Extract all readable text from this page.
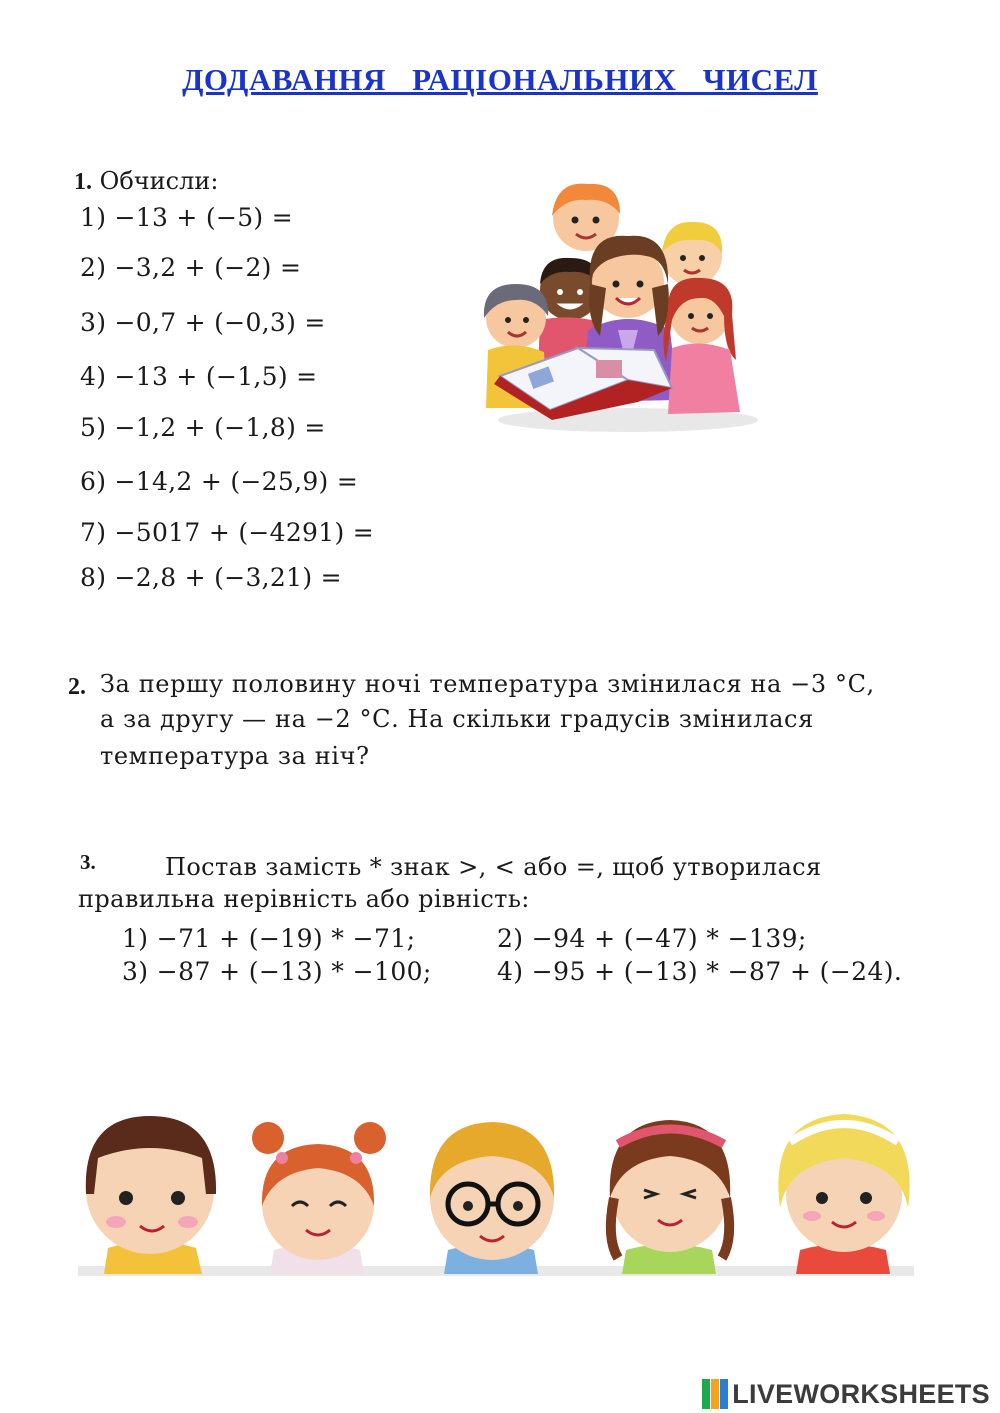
ДОДАВАННЯ РАЦІОНАЛЬНИХ ЧИСЕЛ
1. Обчисли:
1) −13 + (−5) =
2) −3,2 + (−2) =
3) −0,7 + (−0,3) =
4) −13 + (−1,5) =
5) −1,2 + (−1,8) =
6) −14,2 + (−25,9) =
7) −5017 + (−4291) =
8) −2,8 + (−3,21) =
2. За першу половину ночі температура змінилася на −3 °С,
а за другу — на −2 °С. На скільки градусів змінилася
температура за ніч?
3.	Постав замість * знак >, < або =, щоб утворилася
правильна нерівність або рівність:
1) −71 + (−19) * −71;	2) −94 + (−47) * −139;
3) −87 + (−13) * −100;	4) −95 + (−13) * −87 + (−24).
LIVEWORKSHEETS
